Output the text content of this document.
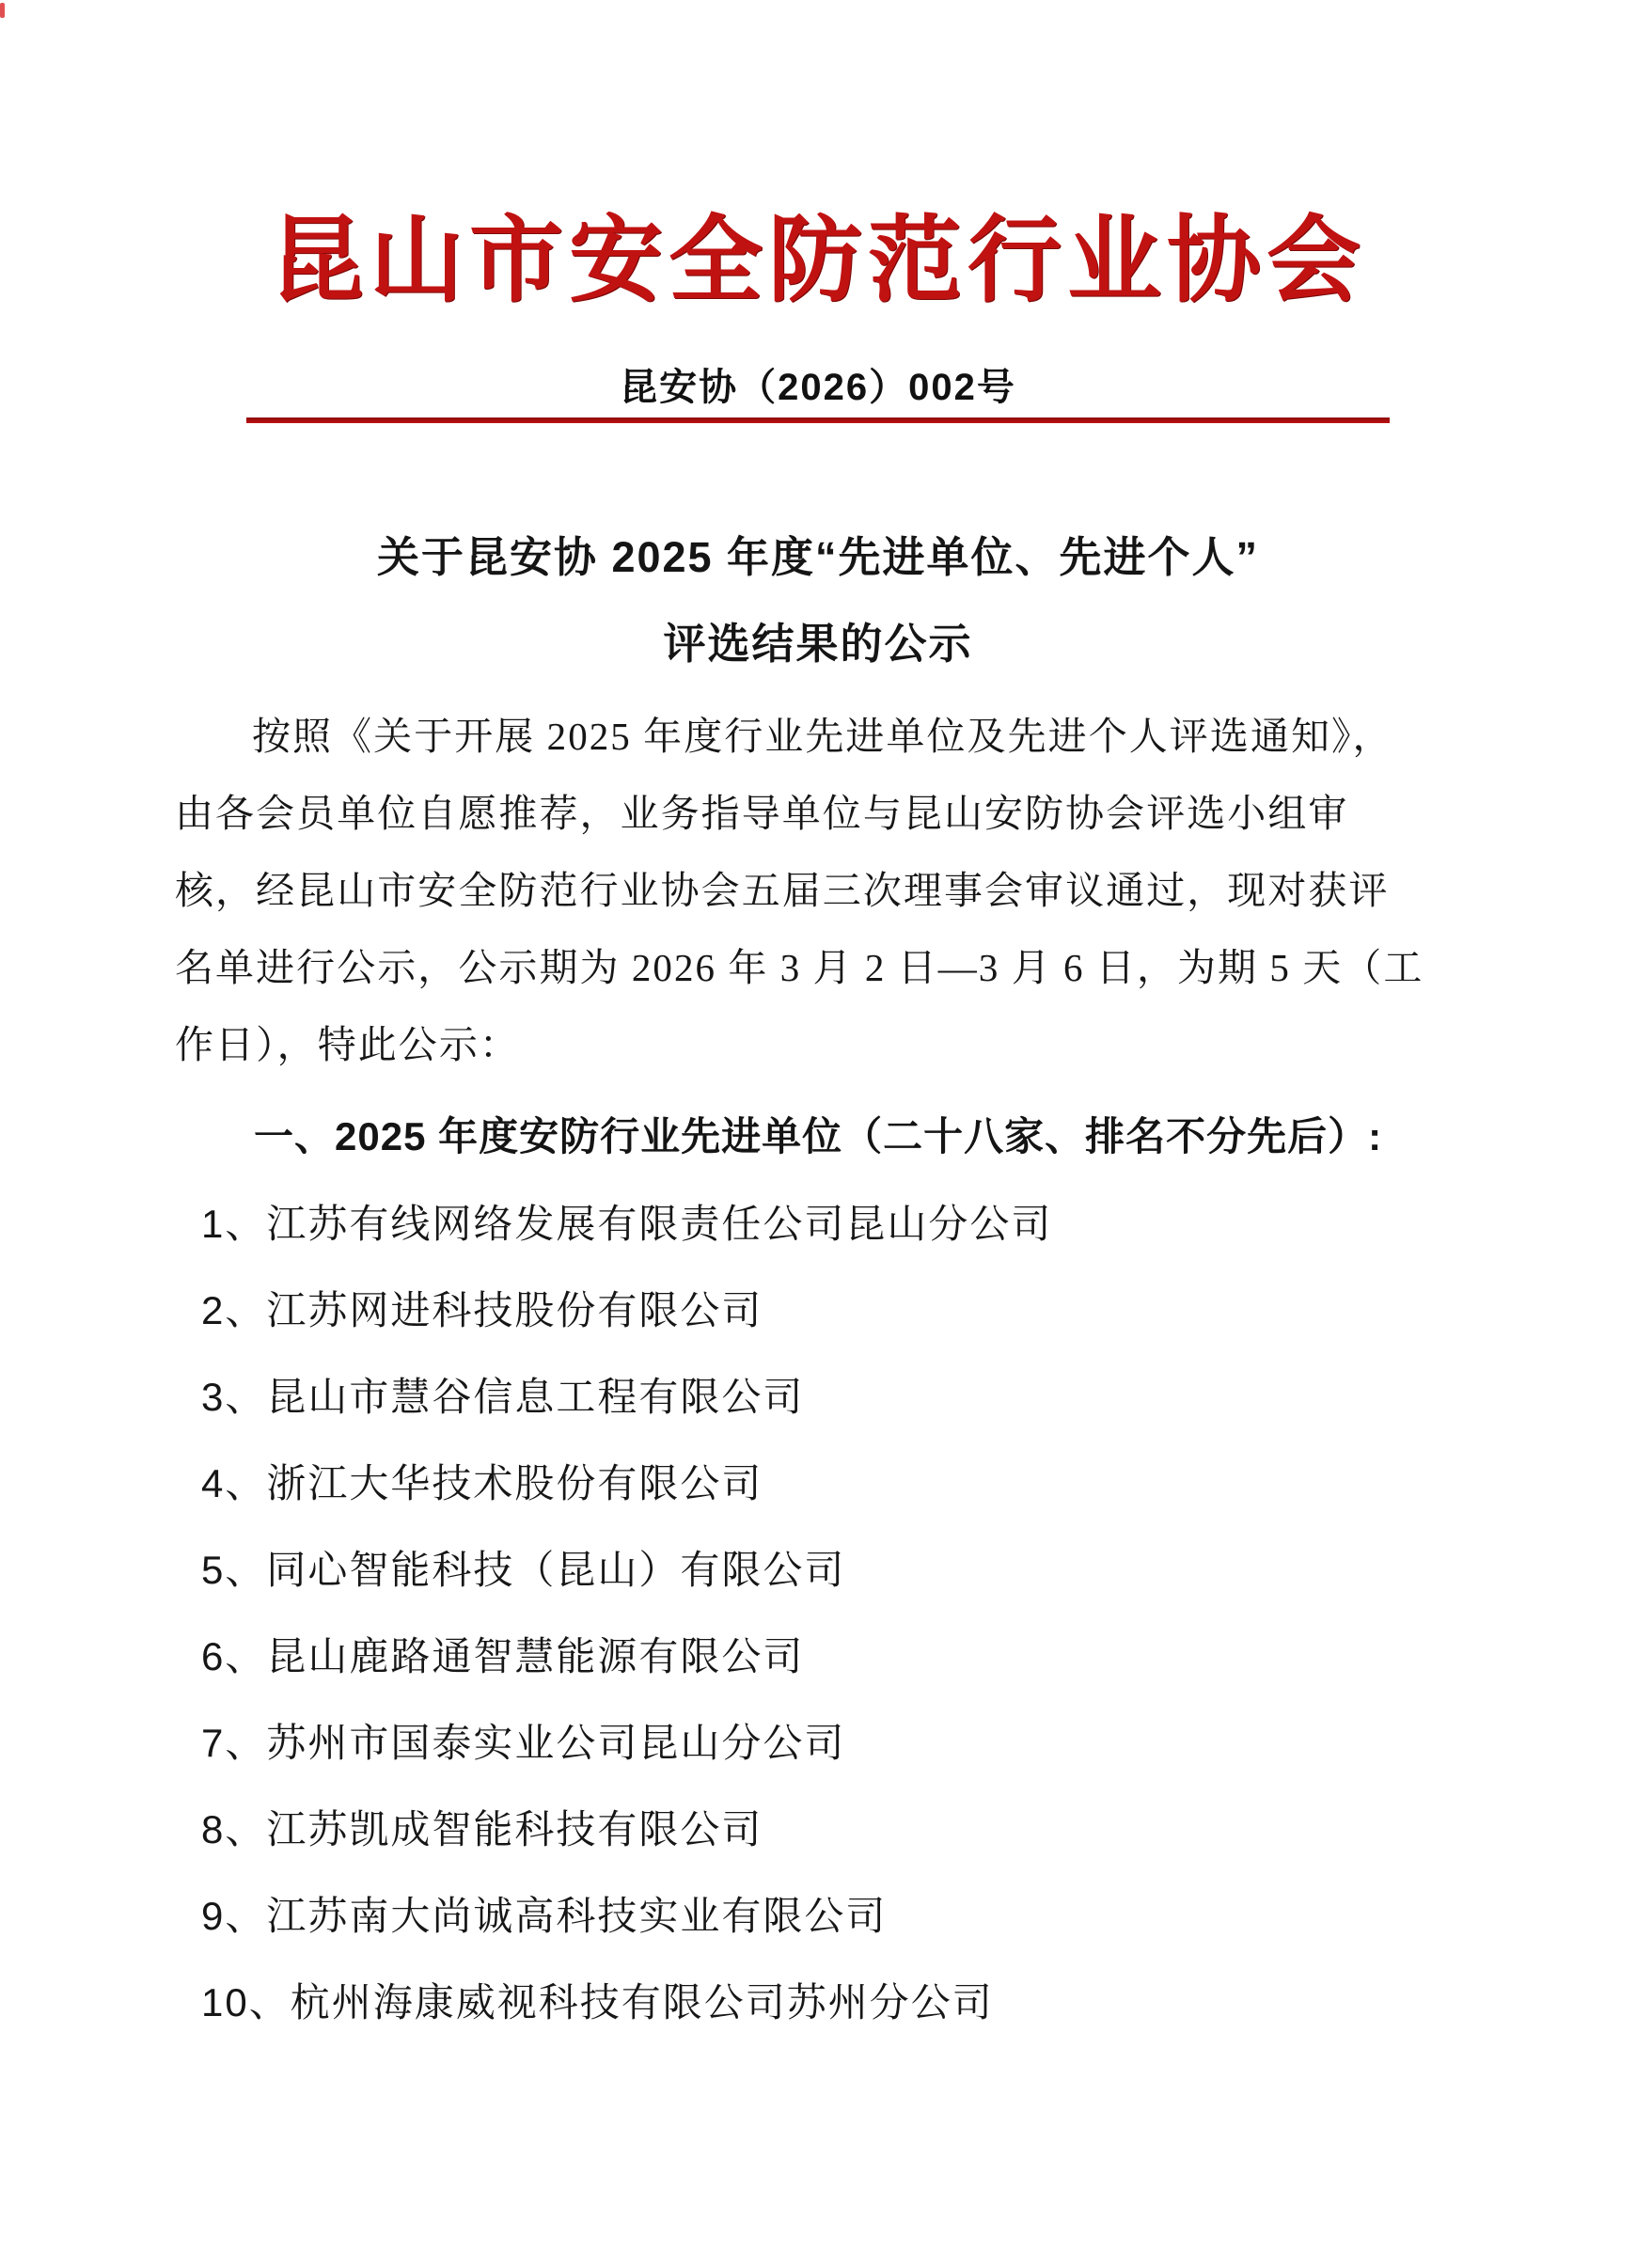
昆山市安全防范行业协会
昆安协（2026）002号
关于昆安协 2025 年度“先进单位、先进个人”
评选结果的公示
按照《关于开展 2025 年度行业先进单位及先进个人评选通知》，
由各会员单位自愿推荐，业务指导单位与昆山安防协会评选小组审
核，经昆山市安全防范行业协会五届三次理事会审议通过，现对获评
名单进行公示，公示期为 2026 年 3 月 2 日—3 月 6 日，为期 5 天（工
作日），特此公示：
一、2025 年度安防行业先进单位（二十八家、排名不分先后）:
1、江苏有线网络发展有限责任公司昆山分公司
2、江苏网进科技股份有限公司
3、昆山市慧谷信息工程有限公司
4、浙江大华技术股份有限公司
5、同心智能科技（昆山）有限公司
6、昆山鹿路通智慧能源有限公司
7、苏州市国泰实业公司昆山分公司
8、江苏凯成智能科技有限公司
9、江苏南大尚诚高科技实业有限公司
10、杭州海康威视科技有限公司苏州分公司
